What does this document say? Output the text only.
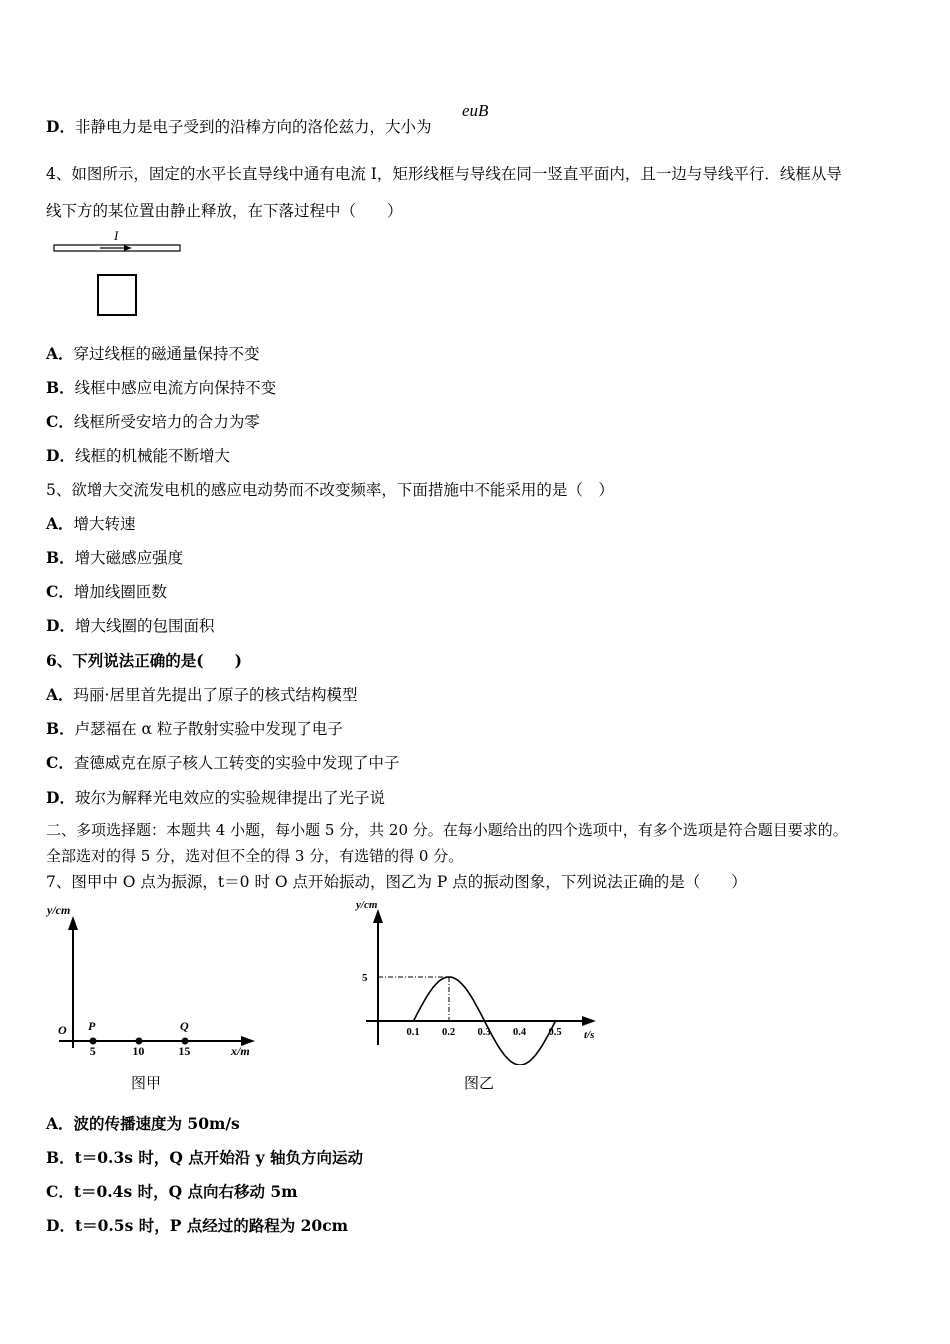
D．非静电力是电子受到的沿棒方向的洛伦兹力，大小为
euB
4、如图所示，固定的水平长直导线中通有电流 I，矩形线框与导线在同一竖直平面内，且一边与导线平行．线框从导
线下方的某位置由静止释放，在下落过程中（　　）
I
A．穿过线框的磁通量保持不变
B．线框中感应电流方向保持不变
C．线框所受安培力的合力为零
D．线框的机械能不断增大
5、欲增大交流发电机的感应电动势而不改变频率，下面措施中不能采用的是（　）
A．增大转速
B．增大磁感应强度
C．增加线圈匝数
D．增大线圈的包围面积
6、下列说法正确的是(　　)
A．玛丽·居里首先提出了原子的核式结构模型
B．卢瑟福在 α 粒子散射实验中发现了电子
C．查德威克在原子核人工转变的实验中发现了中子
D．玻尔为解释光电效应的实验规律提出了光子说
二、多项选择题：本题共 4 小题，每小题 5 分，共 20 分。在每小题给出的四个选项中，有多个选项是符合题目要求的。
全部选对的得 5 分，选对但不全的得 3 分，有选错的得 0 分。
7、图甲中 O 点为振源，t＝0 时 O 点开始振动，图乙为 P 点的振动图象，下列说法正确的是（　　）
y/cm
x/m
O P
5	10
Q
15
图甲
y/cm
t/s
0.1 0.2 0.3 0.4 0.5
5
图乙
A．波的传播速度为 50m/s
B．t＝0.3s 时，Q 点开始沿 y 轴负方向运动
C．t＝0.4s 时，Q 点向右移动 5m
D．t＝0.5s 时，P 点经过的路程为 20cm
